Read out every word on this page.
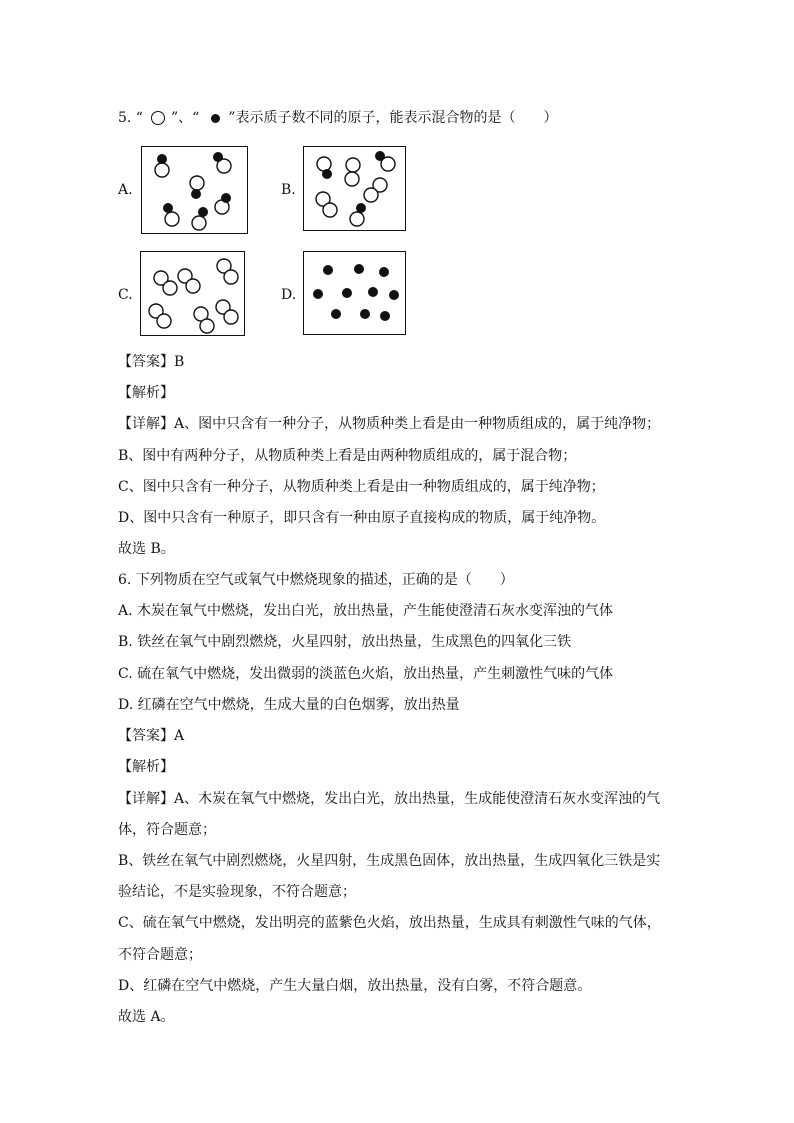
5. “ ”、“ ”表示质子数不同的原子，能表示混合物的是（　　）
A.	B.
C.	D.
【答案】B
【解析】
【详解】A、图中只含有一种分子，从物质种类上看是由一种物质组成的，属于纯净物；
B、图中有两种分子，从物质种类上看是由两种物质组成的，属于混合物；
C、图中只含有一种分子，从物质种类上看是由一种物质组成的，属于纯净物；
D、图中只含有一种原子，即只含有一种由原子直接构成的物质，属于纯净物。
故选 B。
6. 下列物质在空气或氧气中燃烧现象的描述，正确的是（　　）
A. 木炭在氧气中燃烧，发出白光，放出热量，产生能使澄清石灰水变浑浊的气体
B. 铁丝在氧气中剧烈燃烧，火星四射，放出热量，生成黑色的四氧化三铁
C. 硫在氧气中燃烧，发出微弱的淡蓝色火焰，放出热量，产生刺激性气味的气体
D. 红磷在空气中燃烧，生成大量的白色烟雾，放出热量
【答案】A
【解析】
【详解】A、木炭在氧气中燃烧，发出白光，放出热量，生成能使澄清石灰水变浑浊的气
体，符合题意；
B、铁丝在氧气中剧烈燃烧，火星四射，生成黑色固体，放出热量，生成四氧化三铁是实
验结论，不是实验现象，不符合题意；
C、硫在氧气中燃烧，发出明亮的蓝紫色火焰，放出热量，生成具有刺激性气味的气体，
不符合题意；
D、红磷在空气中燃烧，产生大量白烟，放出热量，没有白雾，不符合题意。
故选 A。
